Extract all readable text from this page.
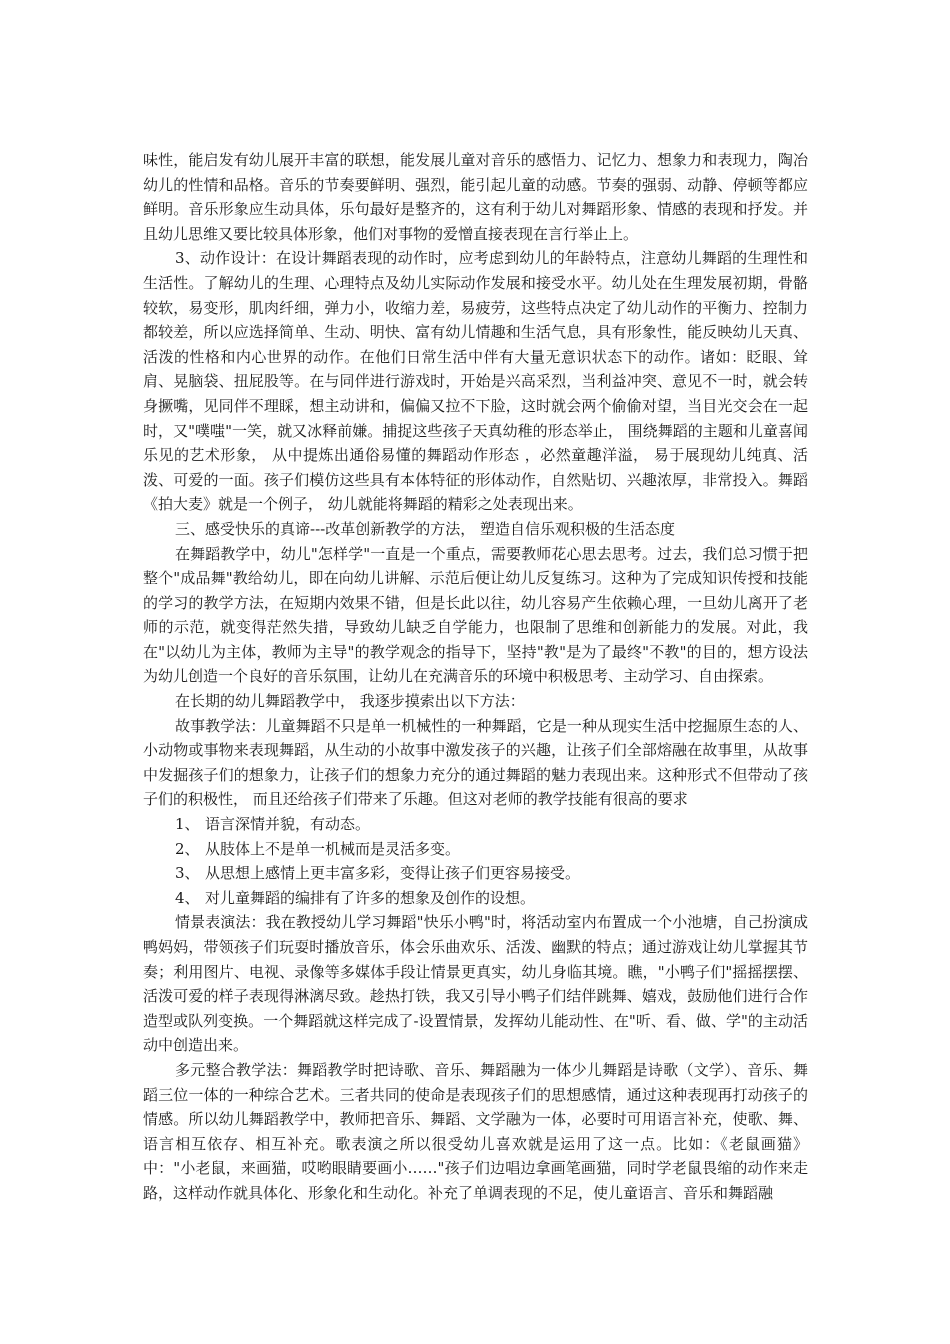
味性，能启发有幼儿展开丰富的联想，能发展儿童对音乐的感悟力、记忆力、想象力和表现力，陶冶幼儿的性情和品格。音乐的节奏要鲜明、强烈，能引起儿童的动感。节奏的强弱、动静、停顿等都应鲜明。音乐形象应生动具体，乐句最好是整齐的，这有利于幼儿对舞蹈形象、情感的表现和抒发。并且幼儿思维又要比较具体形象，他们对事物的爱憎直接表现在言行举止上。

3、动作设计：在设计舞蹈表现的动作时，应考虑到幼儿的年龄特点，注意幼儿舞蹈的生理性和生活性。了解幼儿的生理、心理特点及幼儿实际动作发展和接受水平。幼儿处在生理发展初期，骨骼较软，易变形，肌肉纤细，弹力小，收缩力差，易疲劳，这些特点决定了幼儿动作的平衡力、控制力都较差，所以应选择简单、生动、明快、富有幼儿情趣和生活气息，具有形象性，能反映幼儿天真、活泼的性格和内心世界的动作。在他们日常生活中伴有大量无意识状态下的动作。诸如：眨眼、耸肩、晃脑袋、扭屁股等。在与同伴进行游戏时，开始是兴高采烈，当利益冲突、意见不一时，就会转身撅嘴，见同伴不理睬，想主动讲和，偏偏又拉不下脸，这时就会两个偷偷对望，当目光交会在一起时，又"噗嗤"一笑，就又冰释前嫌。捕捉这些孩子天真幼稚的形态举止， 围绕舞蹈的主题和儿童喜闻乐见的艺术形象， 从中提炼出通俗易懂的舞蹈动作形态 ，必然童趣洋溢， 易于展现幼儿纯真、活泼、可爱的一面。孩子们模仿这些具有本体特征的形体动作，自然贴切、兴趣浓厚，非常投入。舞蹈《拍大麦》就是一个例子， 幼儿就能将舞蹈的精彩之处表现出来。

三、感受快乐的真谛---改革创新教学的方法， 塑造自信乐观积极的生活态度

在舞蹈教学中，幼儿"怎样学"一直是一个重点，需要教师花心思去思考。过去，我们总习惯于把整个"成品舞"教给幼儿，即在向幼儿讲解、示范后便让幼儿反复练习。这种为了完成知识传授和技能的学习的教学方法，在短期内效果不错，但是长此以往，幼儿容易产生依赖心理，一旦幼儿离开了老师的示范，就变得茫然失措，导致幼儿缺乏自学能力，也限制了思维和创新能力的发展。对此，我在"以幼儿为主体，教师为主导"的教学观念的指导下，坚持"教"是为了最终"不教"的目的，想方设法为幼儿创造一个良好的音乐氛围，让幼儿在充满音乐的环境中积极思考、主动学习、自由探索。

在长期的幼儿舞蹈教学中， 我逐步摸索出以下方法：

故事教学法：儿童舞蹈不只是单一机械性的一种舞蹈，它是一种从现实生活中挖掘原生态的人、小动物或事物来表现舞蹈，从生动的小故事中激发孩子的兴趣，让孩子们全部熔融在故事里，从故事中发掘孩子们的想象力，让孩子们的想象力充分的通过舞蹈的魅力表现出来。这种形式不但带动了孩子们的积极性， 而且还给孩子们带来了乐趣。但这对老师的教学技能有很高的要求

1、 语言深情并貌，有动态。

2、 从肢体上不是单一机械而是灵活多变。

3、 从思想上感情上更丰富多彩，变得让孩子们更容易接受。

4、 对儿童舞蹈的编排有了许多的想象及创作的设想。

情景表演法：我在教授幼儿学习舞蹈"快乐小鸭"时，将活动室内布置成一个小池塘，自己扮演成鸭妈妈，带领孩子们玩耍时播放音乐，体会乐曲欢乐、活泼、幽默的特点；通过游戏让幼儿掌握其节奏；利用图片、电视、录像等多媒体手段让情景更真实，幼儿身临其境。瞧，"小鸭子们"摇摇摆摆、活泼可爱的样子表现得淋漓尽致。趁热打铁，我又引导小鸭子们结伴跳舞、嬉戏，鼓励他们进行合作造型或队列变换。一个舞蹈就这样完成了-设置情景，发挥幼儿能动性、在"听、看、做、学"的主动活动中创造出来。

多元整合教学法：舞蹈教学时把诗歌、音乐、舞蹈融为一体少儿舞蹈是诗歌（文学）、音乐、舞蹈三位一体的一种综合艺术。三者共同的使命是表现孩子们的思想感情，通过这种表现再打动孩子的情感。所以幼儿舞蹈教学中，教师把音乐、舞蹈、文学融为一体，必要时可用语言补充，使歌、舞、语言相互依存、相互补充。歌表演之所以很受幼儿喜欢就是运用了这一点。比如：《老鼠画猫》中："小老鼠，来画猫，哎哟眼睛要画小……"孩子们边唱边拿画笔画猫，同时学老鼠畏缩的动作来走路，这样动作就具体化、形象化和生动化。补充了单调表现的不足，使儿童语言、音乐和舞蹈融
